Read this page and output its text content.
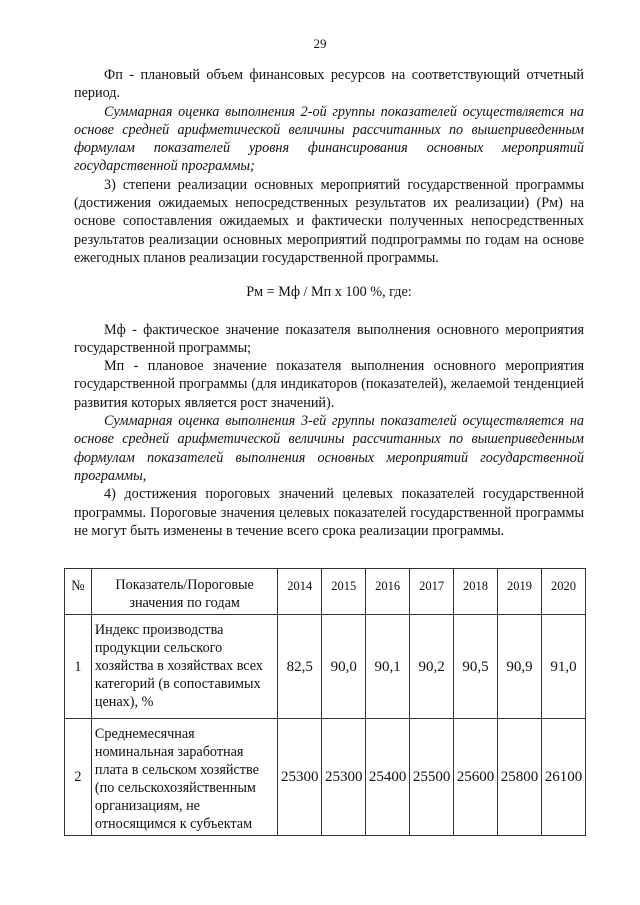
29

Фп - плановый объем финансовых ресурсов на соответствующий отчетный период.

Суммарная оценка выполнения 2-ой группы показателей осуществляется на основе средней арифметической величины рассчитанных по вышеприведенным формулам показателей уровня финансирования основных мероприятий государственной программы;

3) степени реализации основных мероприятий государственной программы (достижения ожидаемых непосредственных результатов их реализации) (Рм) на основе сопоставления ожидаемых и фактически полученных непосредственных результатов реализации основных мероприятий подпрограммы по годам на основе ежегодных планов реализации государственной программы.

Рм = Мф / Мп х 100 %, где:

Мф - фактическое значение показателя выполнения основного мероприятия государственной программы;

Мп - плановое значение показателя выполнения основного мероприятия государственной программы (для индикаторов (показателей), желаемой тенденцией развития которых является рост значений).

Суммарная оценка выполнения 3-ей группы показателей осуществляется на основе средней арифметической величины рассчитанных по вышеприведенным формулам показателей выполнения основных мероприятий государственной программы,

4) достижения пороговых значений целевых показателей государственной программы. Пороговые значения целевых показателей государственной программы не могут быть изменены в течение всего срока реализации программы.

№	Показатель/Пороговые значения по годам	2014	2015	2016	2017	2018	2019	2020
1	Индекс производства продукции сельского хозяйства в хозяйствах всех категорий (в сопоставимых ценах), %	82,5	90,0	90,1	90,2	90,5	90,9	91,0
2	Среднемесячная номинальная заработная плата в сельском хозяйстве (по сельскохозяйственным организациям, не относящимся к субъектам	25300	25300	25400	25500	25600	25800	26100
